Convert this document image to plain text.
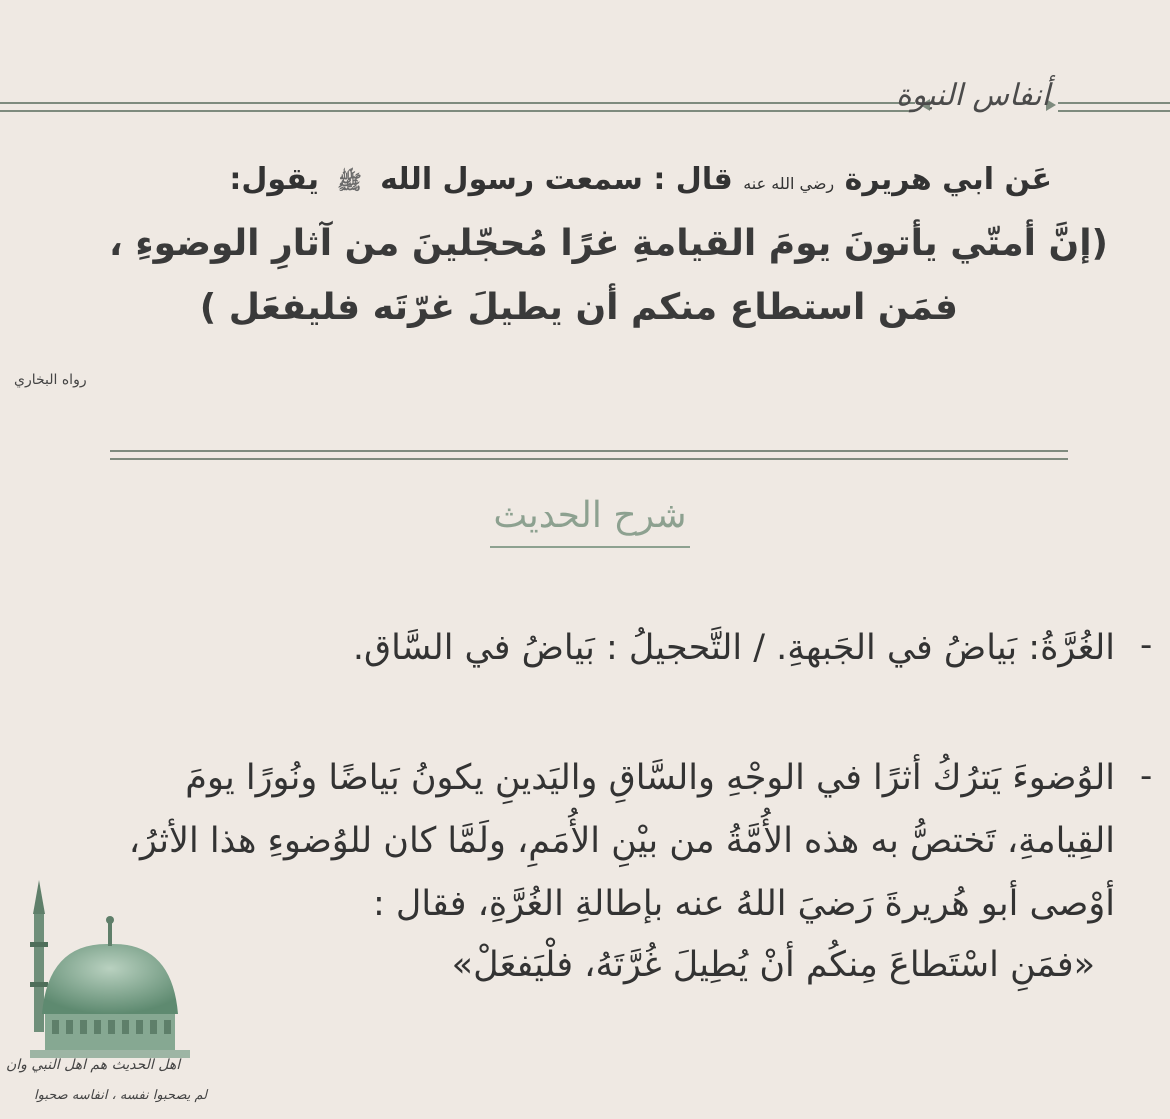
أنفاس النبوة
عَن ابي هريرة رضي الله عنه قال : سمعت رسول الله ﷺ يقول:
(إنَّ أمتّي يأتونَ يومَ القيامةِ غرًا مُحجّلينَ من آثارِ الوضوءِ ،
فمَن استطاع منكم أن يطيلَ غرّتَه فليفعَل )
رواه البخاري
شرح الحديث
-
الغُرَّةُ: بَياضُ في الجَبهةِ. / التَّحجيلُ : بَياضُ في السَّاق.
-
الوُضوءَ يَترُكُ أثرًا في الوجْهِ والسَّاقِ واليَدينِ يكونُ بَياضًا ونُورًا يومَ
القِيامةِ، تَختصُّ به هذه الأُمَّةُ من بيْنِ الأُمَمِ، ولَمَّا كان للوُضوءِ هذا الأثرُ،
أوْصى أبو هُريرةَ رَضيَ اللهُ عنه بإطالةِ الغُرَّةِ، فقال :
«فمَنِ اسْتَطاعَ مِنكُم أنْ يُطِيلَ غُرَّتَهُ، فلْيَفعَلْ»
اهل الحديث هم اهل النبي وان
لم يصحبوا نفسه ، انفاسه صحبوا
